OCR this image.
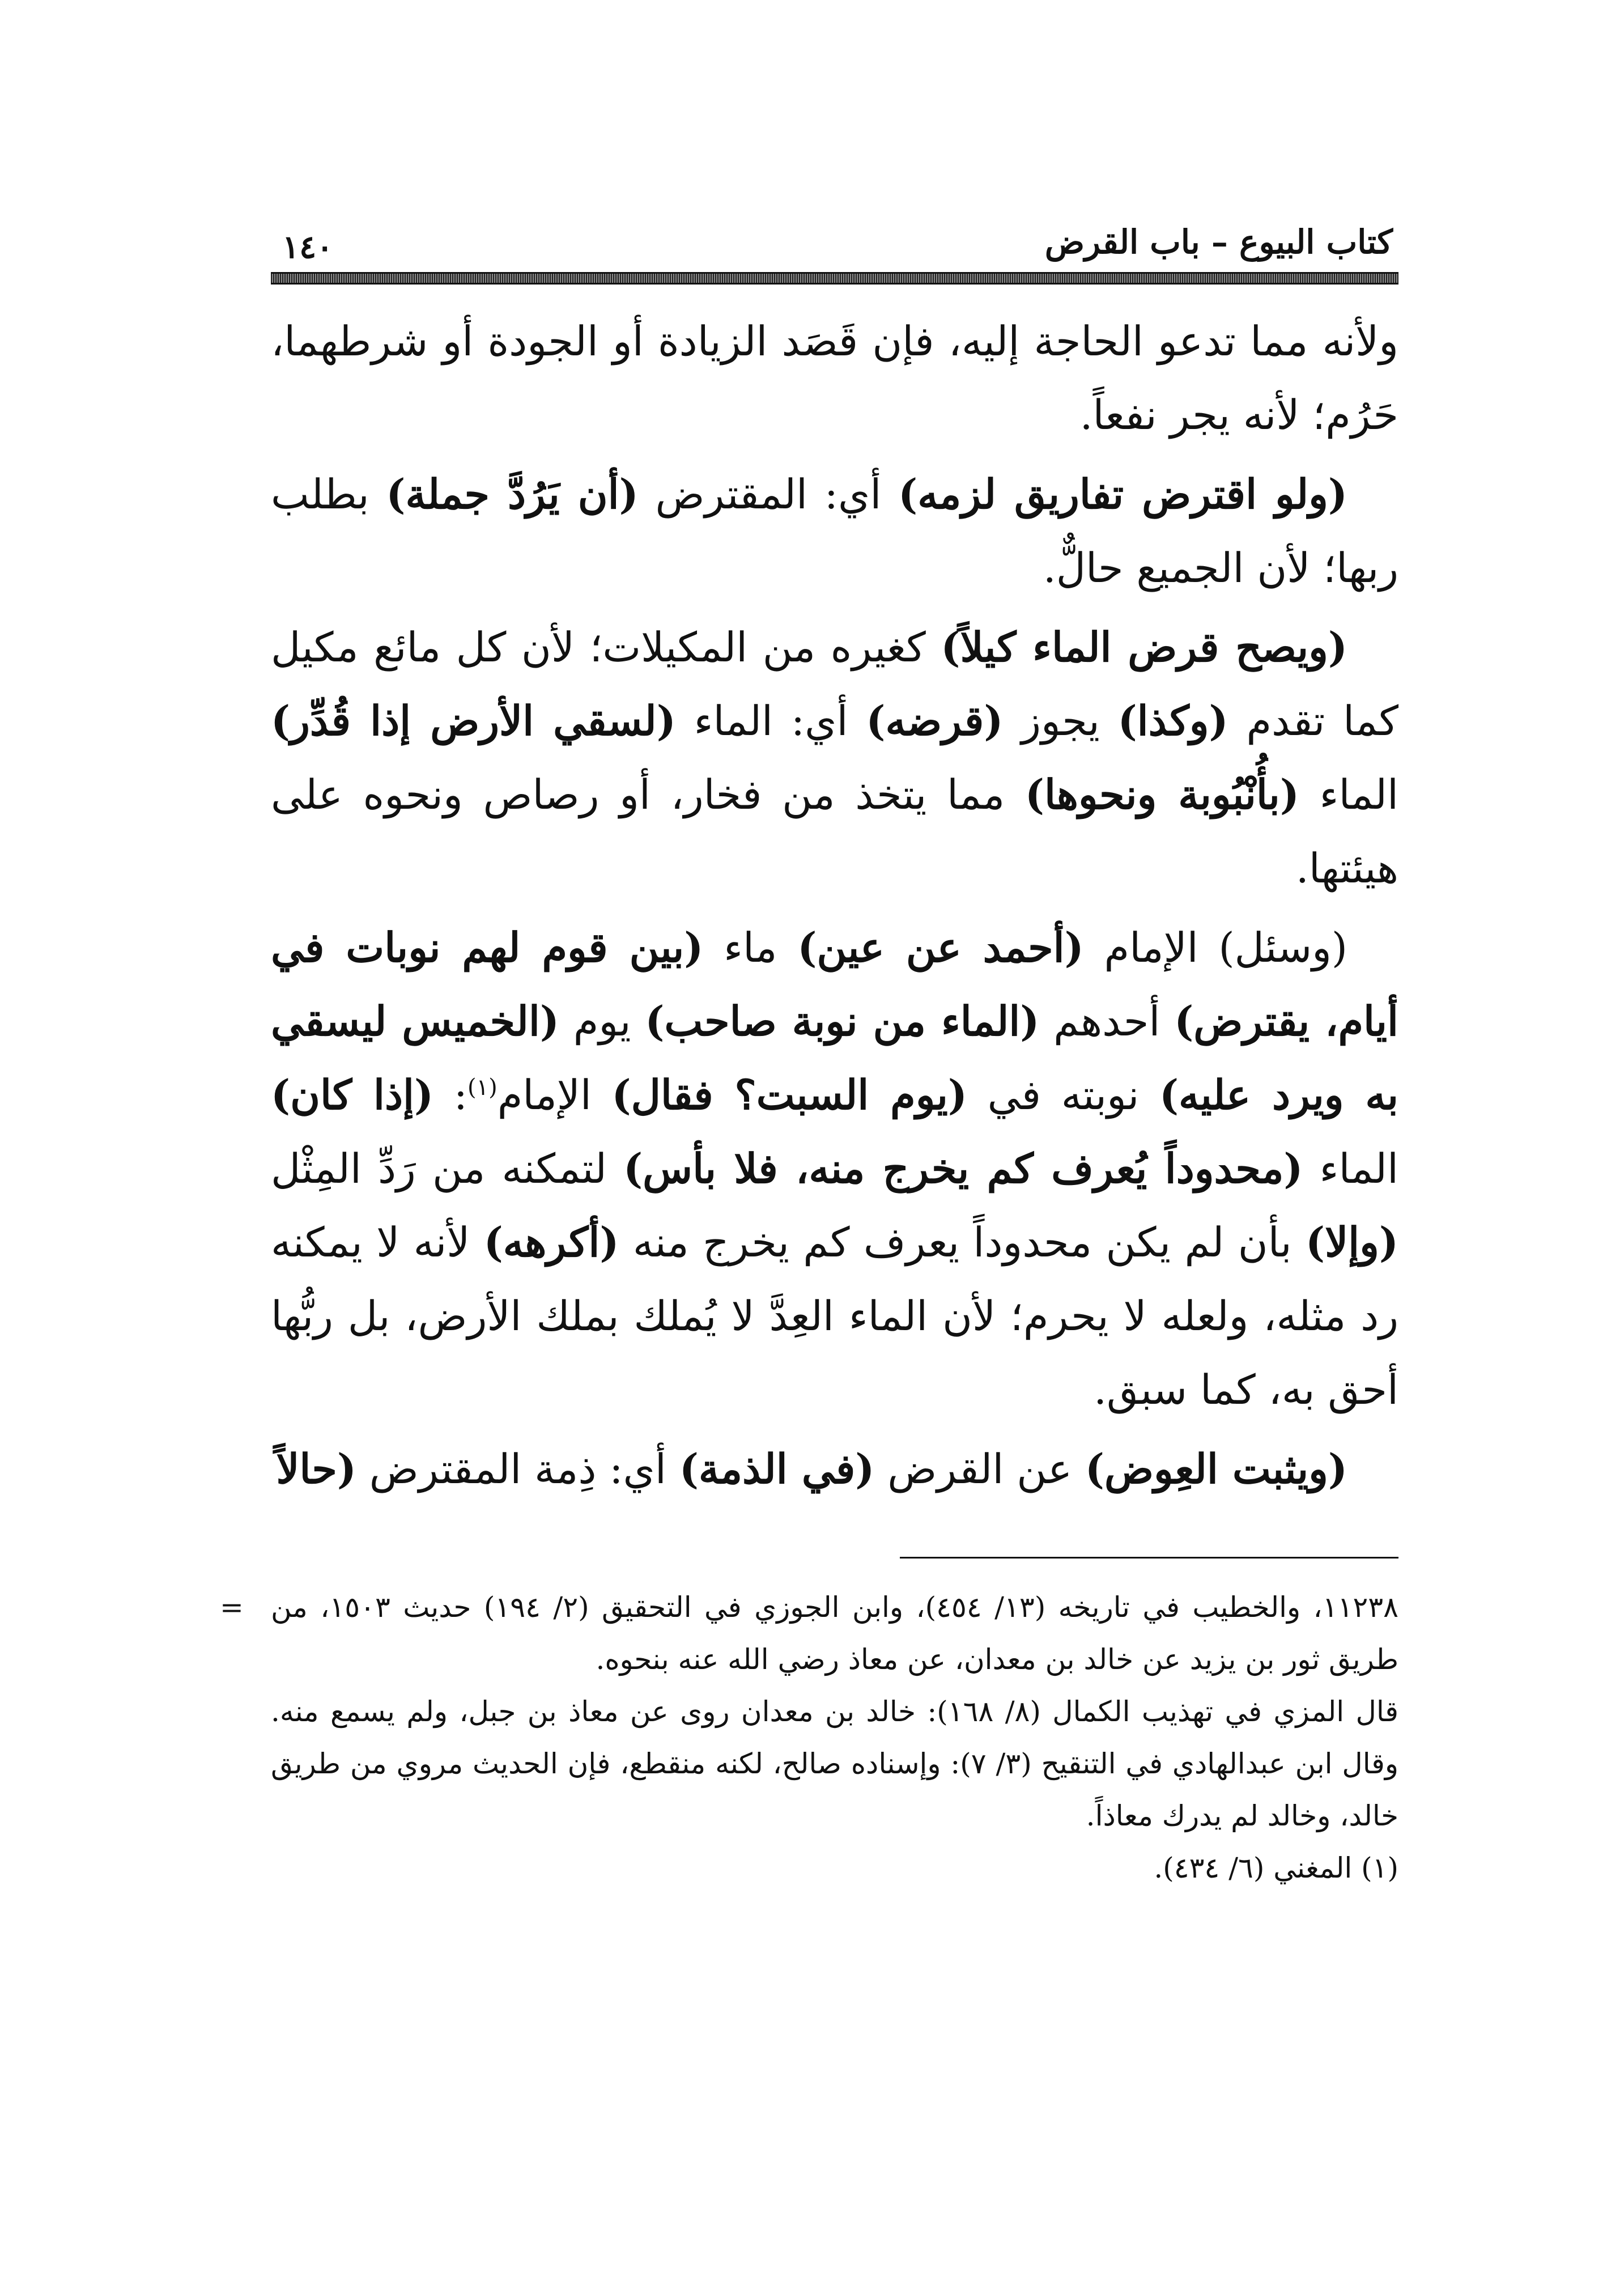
كتاب البيوع – باب القرض
١٤٠

ولأنه مما تدعو الحاجة إليه، فإن قَصَد الزيادة أو الجودة أو شرطهما، حَرُم؛ لأنه يجر نفعاً.

(ولو اقترض تفاريق لزمه) أي: المقترض (أن يَرُدَّ جملة) بطلب ربها؛ لأن الجميع حالٌّ.

(ويصح قرض الماء كيلاً) كغيره من المكيلات؛ لأن كل مائع مكيل كما تقدم (وكذا) يجوز (قرضه) أي: الماء (لسقي الأرض إذا قُدِّر) الماء (بأُنْبُوبة ونحوها) مما يتخذ من فخار، أو رصاص ونحوه على هيئتها.

(وسئل) الإمام (أحمد عن عين) ماء (بين قوم لهم نوبات في أيام، يقترض) أحدهم (الماء من نوبة صاحب) يوم (الخميس ليسقي به ويرد عليه) نوبته في (يوم السبت؟ فقال) الإمام$^{(١)}$: (إذا كان) الماء (محدوداً يُعرف كم يخرج منه، فلا بأس) لتمكنه من رَدِّ المِثْل (وإلا) بأن لم يكن محدوداً يعرف كم يخرج منه (أكرهه) لأنه لا يمكنه رد مثله، ولعله لا يحرم؛ لأن الماء العِدَّ لا يُملك بملك الأرض، بل ربُّها أحق به، كما سبق.

(ويثبت العِوض) عن القرض (في الذمة) أي: ذِمة المقترض (حالاً

= ١١٢٣٨، والخطيب في تاريخه (١٣/ ٤٥٤)، وابن الجوزي في التحقيق (٢/ ١٩٤) حديث ١٥٠٣، من طريق ثور بن يزيد عن خالد بن معدان، عن معاذ رضي الله عنه بنحوه.

قال المزي في تهذيب الكمال (٨/ ١٦٨): خالد بن معدان روى عن معاذ بن جبل، ولم يسمع منه. وقال ابن عبدالهادي في التنقيح (٣/ ٧): وإسناده صالح، لكنه منقطع، فإن الحديث مروي من طريق خالد، وخالد لم يدرك معاذاً.

(١) المغني (٦/ ٤٣٤).
